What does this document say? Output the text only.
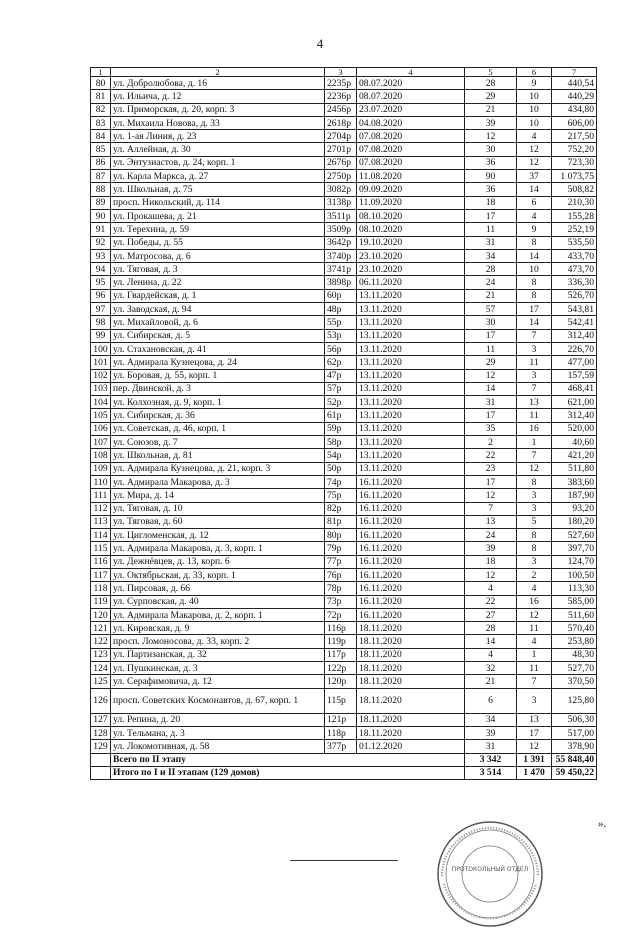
4
1	2	3	4	5	6	7
80	ул. Добролюбова, д. 16	2235р	08.07.2020	28	9	440,54
81	ул. Ильича, д. 12	2236р	08.07.2020	29	10	440,29
82	ул. Приморская, д. 20, корп. 3	2456р	23.07.2020	21	10	434,80
83	ул. Михаила Новова, д. 33	2618р	04.08.2020	39	10	606,00
84	ул. 1-ая Линия, д. 23	2704р	07.08.2020	12	4	217,50
85	ул. Аллейная, д. 30	2701р	07.08.2020	30	12	752,20
86	ул. Энтузиастов, д. 24, корп. 1	2676р	07.08.2020	36	12	723,30
87	ул. Карла Маркса, д. 27	2750р	11.08.2020	90	37	1 073,75
88	ул. Школьная, д. 75	3082р	09.09.2020	36	14	508,82
89	просп. Никольский, д. 114	3138р	11.09.2020	18	6	210,30
90	ул. Прокашева, д. 21	3511р	08.10.2020	17	4	155,28
91	ул. Терехина, д. 59	3509р	08.10.2020	11	9	252,19
92	ул. Победы, д. 55	3642р	19.10.2020	31	8	535,50
93	ул. Матросова, д. 6	3740р	23.10.2020	34	14	433,70
94	ул. Тяговая, д. 3	3741р	23.10.2020	28	10	473,70
95	ул. Ленина, д. 22	3898р	06.11.2020	24	8	336,30
96	ул. Гвардейская, д. 1	60р	13.11.2020	21	8	526,70
97	ул. Заводская, д. 94	48р	13.11.2020	57	17	543,81
98	ул. Михайловой, д. 6	55р	13.11.2020	30	14	542,41
99	ул. Сибирская, д. 5	53р	13.11.2020	17	7	312,40
100	ул. Стахановская, д. 41	56р	13.11.2020	11	3	226,70
101	ул. Адмирала Кузнецова, д. 24	62р	13.11.2020	29	11	477,00
102	ул. Боровая, д. 55, корп. 1	47р	13.11.2020	12	3	157,59
103	пер. Двинской, д. 3	57р	13.11.2020	14	7	468,41
104	ул. Колхозная, д. 9, корп. 1	52р	13.11.2020	31	13	621,00
105	ул. Сибирская, д. 36	61р	13.11.2020	17	11	312,40
106	ул. Советская, д. 46, корп. 1	59р	13.11.2020	35	16	520,00
107	ул. Союзов, д. 7	58р	13.11.2020	2	1	40,60
108	ул. Школьная, д. 81	54р	13.11.2020	22	7	421,20
109	ул. Адмирала Кузнецова, д. 21, корп. 3	50р	13.11.2020	23	12	511,80
110	ул. Адмирала Макарова, д. 3	74р	16.11.2020	17	8	383,60
111	ул. Мира, д. 14	75р	16.11.2020	12	3	187,90
112	ул. Тяговая, д. 10	82р	16.11.2020	7	3	93,20
113	ул. Тяговая, д. 60	81р	16.11.2020	13	5	180,20
114	ул. Цигломенская, д. 12	80р	16.11.2020	24	8	527,60
115	ул. Адмирала Макарова, д. 3, корп. 1	79р	16.11.2020	39	8	397,70
116	ул. Дежнёвцев, д. 13, корп. 6	77р	16.11.2020	18	3	124,70
117	ул. Октябрьская, д. 33, корп. 1	76р	16.11.2020	12	2	100,50
118	ул. Пирсовая, д. 66	78р	16.11.2020	4	4	113,30
119	ул. Сурповская, д. 40	73р	16.11.2020	22	16	585,00
120	ул. Адмирала Макарова, д. 2, корп. 1	72р	16.11.2020	27	12	511,60
121	ул. Кировская, д. 9	116р	18.11.2020	28	11	570,40
122	просп. Ломоносова, д. 33, корп. 2	119р	18.11.2020	14	4	253,80
123	ул. Партизанская, д. 32	117р	18.11.2020	4	1	48,30
124	ул. Пушкинская, д. 3	122р	18.11.2020	32	11	527,70
125	ул. Серафимовича, д. 12	120р	18.11.2020	21	7	370,50
126	просп. Советских Космонавтов, д. 67, корп. 1	115р	18.11.2020	6	3	125,80
127	ул. Репина, д. 20	121р	18.11.2020	34	13	506,30
128	ул. Тельмана, д. 3	118р	18.11.2020	39	17	517,00
129	ул. Локомотивная, д. 58	377р	01.12.2020	31	12	378,90
	Всего по II этапу			3 342	1 391	55 848,40
	Итого по I и II этапам (129 домов)			3 514	1 470	59 450,22
».
ПРОТОКОЛЬНЫЙ ОТДЕЛ
